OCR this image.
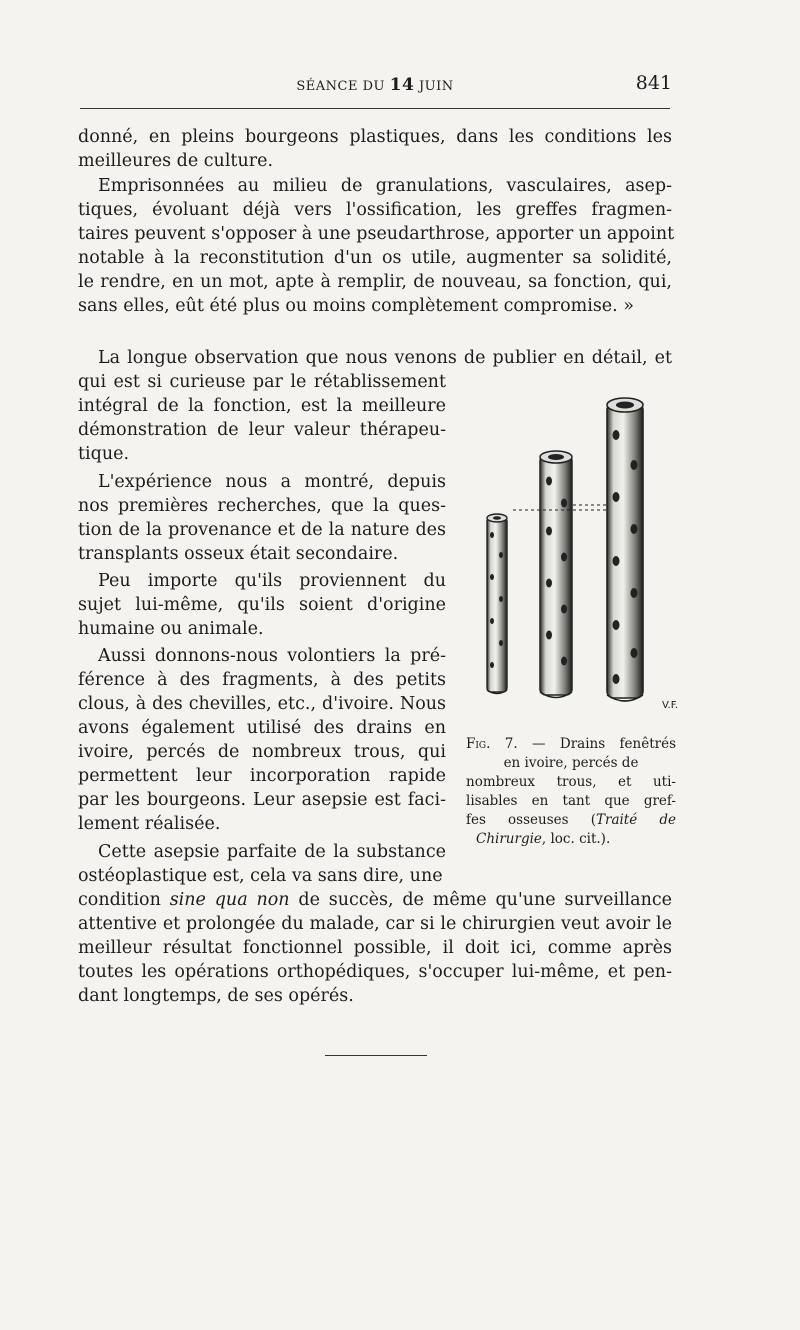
SÉANCE DU 14 JUIN	841

donné, en pleins bourgeons plastiques, dans les conditions les

meilleures de culture.

Emprisonnées au milieu de granulations, vasculaires, asep-

tiques, évoluant déjà vers l'ossification, les greffes fragmen-

taires peuvent s'opposer à une pseudarthrose, apporter un appoint

notable à la reconstitution d'un os utile, augmenter sa solidité,

le rendre, en un mot, apte à remplir, de nouveau, sa fonction, qui,

sans elles, eût été plus ou moins complètement compromise. »

La longue observation que nous venons de publier en détail, et

qui est si curieuse par le rétablissement

intégral de la fonction, est la meilleure

démonstration de leur valeur thérapeu-

tique.

L'expérience nous a montré, depuis

nos premières recherches, que la ques-

tion de la provenance et de la nature des

transplants osseux était secondaire.

Peu importe qu'ils proviennent du

sujet lui-même, qu'ils soient d'origine

humaine ou animale.

Aussi donnons-nous volontiers la pré-

férence à des fragments, à des petits

clous, à des chevilles, etc., d'ivoire. Nous

avons également utilisé des drains en

ivoire, percés de nombreux trous, qui

permettent leur incorporation rapide

par les bourgeons. Leur asepsie est faci-

lement réalisée.

Cette asepsie parfaite de la substance

ostéoplastique est, cela va sans dire, une

condition sine qua non de succès, de même qu'une surveillance

attentive et prolongée du malade, car si le chirurgien veut avoir le

meilleur résultat fonctionnel possible, il doit ici, comme après

toutes les opérations orthopédiques, s'occuper lui-même, et pen-

dant longtemps, de ses opérés.

V.F.

Fig. 7. — Drains fenêtrés

en ivoire, percés de

nombreux trous, et uti-

lisables en tant que gref-

fes osseuses (Traité de

Chirurgie, loc. cit.).
